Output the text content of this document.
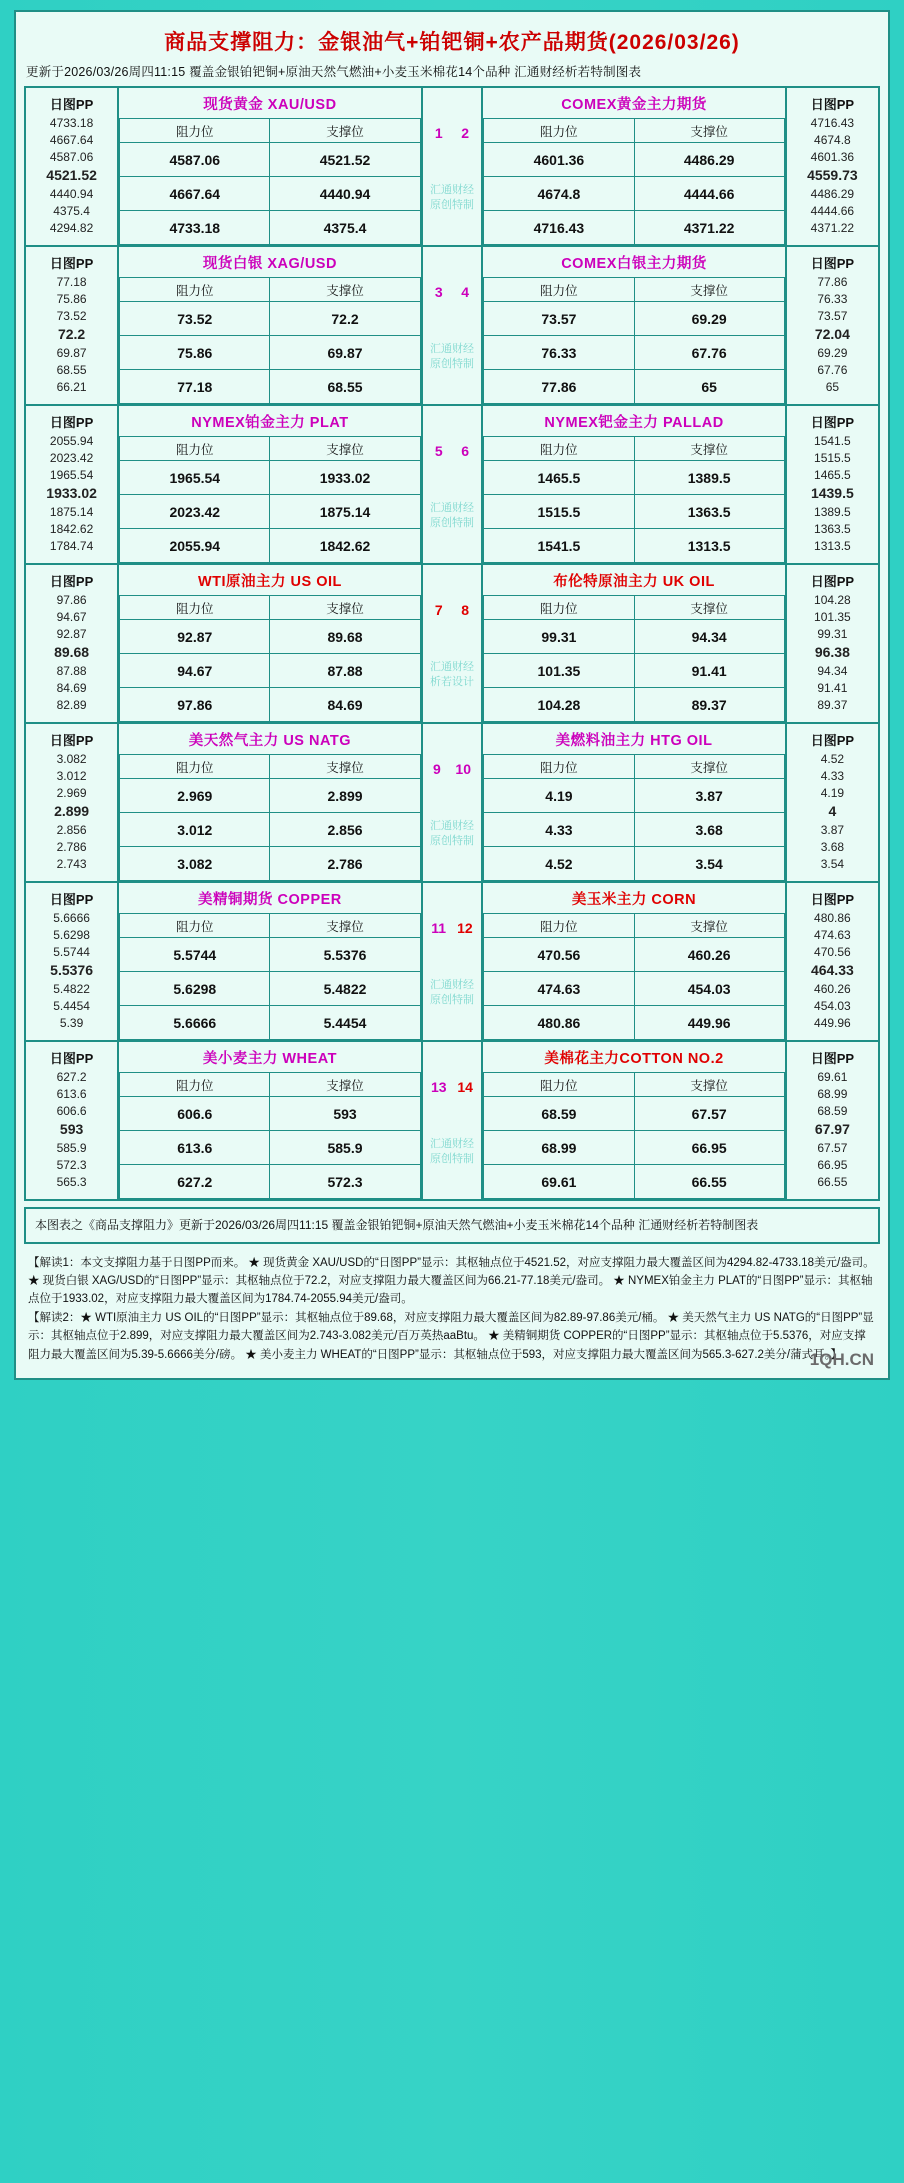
商品支撑阻力：金银油气+铂钯铜+农产品期货(2026/03/26)
更新于2026/03/26周四11:15 覆盖金银铂钯铜+原油天然气燃油+小麦玉米棉花14个品种 汇通财经析若特制图表
日图PP
4733.18
4667.64
4587.06
4521.52
4440.94
4375.4
4294.82

现货黄金 XAU/USD
阻力位	支撑位
4587.06	4521.52
4667.64	4440.94
4733.18	4375.4

1 2
汇通财经
原创特制

COMEX黄金主力期货
阻力位	支撑位
4601.36	4486.29
4674.8	4444.66
4716.43	4371.22

日图PP
4716.43
4674.8
4601.36
4559.73
4486.29
4444.66
4371.22

日图PP
77.18
75.86
73.52
72.2
69.87
68.55
66.21

现货白银 XAG/USD
阻力位	支撑位
73.52	72.2
75.86	69.87
77.18	68.55

3 4
汇通财经
原创特制

COMEX白银主力期货
阻力位	支撑位
73.57	69.29
76.33	67.76
77.86	65

日图PP
77.86
76.33
73.57
72.04
69.29
67.76
65

日图PP
2055.94
2023.42
1965.54
1933.02
1875.14
1842.62
1784.74

NYMEX铂金主力 PLAT
阻力位	支撑位
1965.54	1933.02
2023.42	1875.14
2055.94	1842.62

5 6
汇通财经
原创特制

NYMEX钯金主力 PALLAD
阻力位	支撑位
1465.5	1389.5
1515.5	1363.5
1541.5	1313.5

日图PP
1541.5
1515.5
1465.5
1439.5
1389.5
1363.5
1313.5

日图PP
97.86
94.67
92.87
89.68
87.88
84.69
82.89

WTI原油主力 US OIL
阻力位	支撑位
92.87	89.68
94.67	87.88
97.86	84.69

7 8
汇通财经
析若设计

布伦特原油主力 UK OIL
阻力位	支撑位
99.31	94.34
101.35	91.41
104.28	89.37

日图PP
104.28
101.35
99.31
96.38
94.34
91.41
89.37

日图PP
3.082
3.012
2.969
2.899
2.856
2.786
2.743

美天然气主力 US NATG
阻力位	支撑位
2.969	2.899
3.012	2.856
3.082	2.786

9 10
汇通财经
原创特制

美燃料油主力 HTG OIL
阻力位	支撑位
4.19	3.87
4.33	3.68
4.52	3.54

日图PP
4.52
4.33
4.19
4
3.87
3.68
3.54

日图PP
5.6666
5.6298
5.5744
5.5376
5.4822
5.4454
5.39

美精铜期货 COPPER
阻力位	支撑位
5.5744	5.5376
5.6298	5.4822
5.6666	5.4454

11 12
汇通财经
原创特制

美玉米主力 CORN
阻力位	支撑位
470.56	460.26
474.63	454.03
480.86	449.96

日图PP
480.86
474.63
470.56
464.33
460.26
454.03
449.96

日图PP
627.2
613.6
606.6
593
585.9
572.3
565.3

美小麦主力 WHEAT
阻力位	支撑位
606.6	593
613.6	585.9
627.2	572.3

13 14
汇通财经
原创特制

美棉花主力COTTON NO.2
阻力位	支撑位
68.59	67.57
68.99	66.95
69.61	66.55

日图PP
69.61
68.99
68.59
67.97
67.57
66.95
66.55
本图表之《商品支撑阻力》更新于2026/03/26周四11:15 覆盖金银铂钯铜+原油天然气燃油+小麦玉米棉花14个品种 汇通财经析若特制图表
【解读1：本文支撑阻力基于日图PP而来。 ★ 现货黄金 XAU/USD的“日图PP”显示：其枢轴点位于4521.52，对应支撑阻力最大覆盖区间为4294.82-4733.18美元/盎司。 ★ 现货白银 XAG/USD的“日图PP”显示：其枢轴点位于72.2，对应支撑阻力最大覆盖区间为66.21-77.18美元/盎司。 ★ NYMEX铂金主力 PLAT的“日图PP”显示：其枢轴点位于1933.02，对应支撑阻力最大覆盖区间为1784.74-2055.94美元/盎司。
【解读2：★ WTI原油主力 US OIL的“日图PP”显示：其枢轴点位于89.68，对应支撑阻力最大覆盖区间为82.89-97.86美元/桶。 ★ 美天然气主力 US NATG的“日图PP”显示：其枢轴点位于2.899，对应支撑阻力最大覆盖区间为2.743-3.082美元/百万英热aaBtu。 ★ 美精铜期货 COPPER的“日图PP”显示：其枢轴点位于5.5376，对应支撑阻力最大覆盖区间为5.39-5.6666美分/磅。 ★ 美小麦主力 WHEAT的“日图PP”显示：其枢轴点位于593，对应支撑阻力最大覆盖区间为565.3-627.2美分/蒲式耳。】
1QH.CN
